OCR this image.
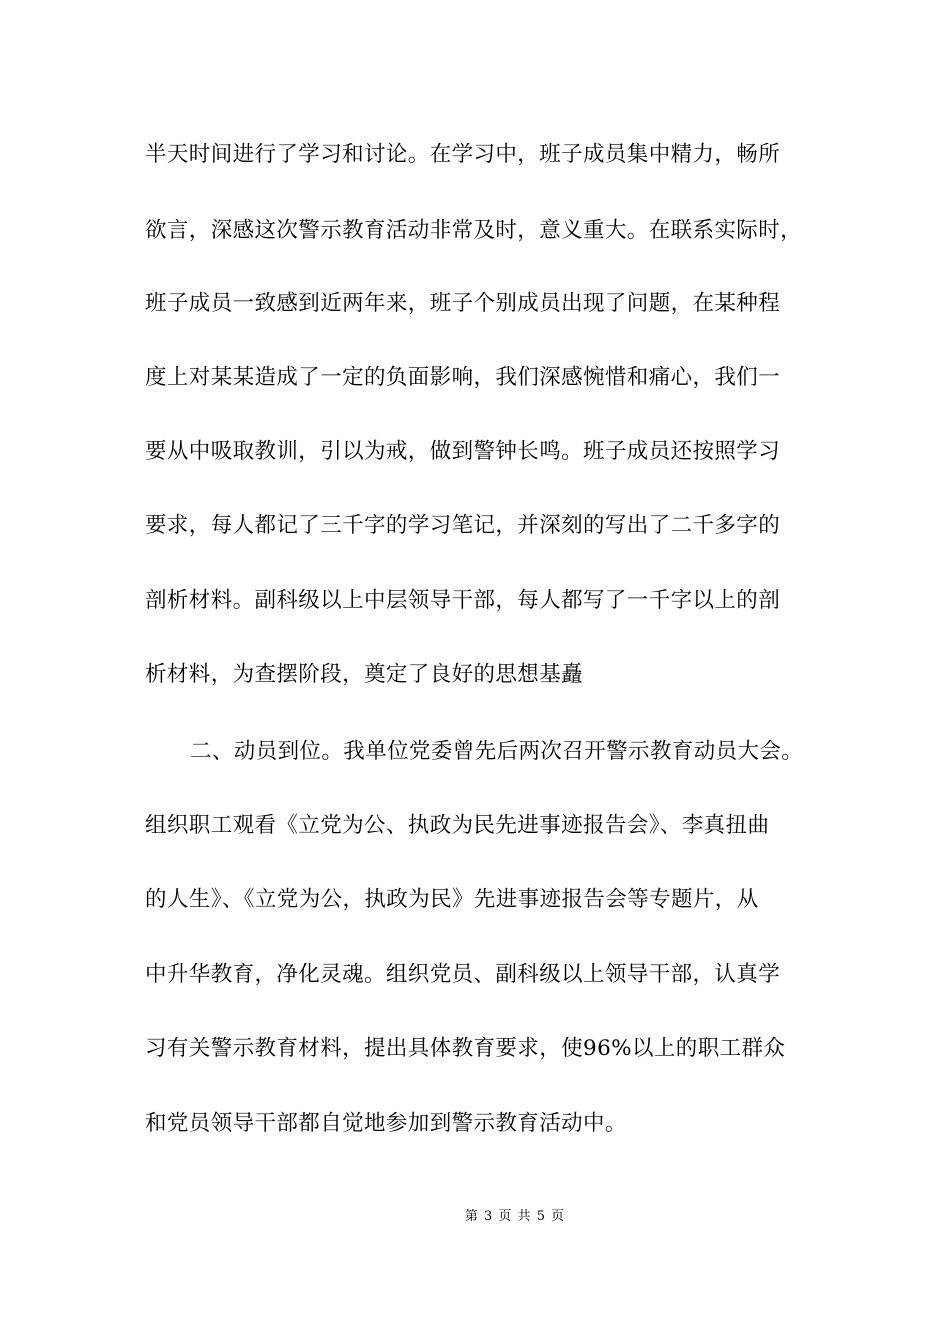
半天时间进行了学习和讨论。在学习中，班子成员集中精力，畅所
欲言，深感这次警示教育活动非常及时，意义重大。在联系实际时，
班子成员一致感到近两年来，班子个别成员出现了问题，在某种程
度上对某某造成了一定的负面影响，我们深感惋惜和痛心，我们一
要从中吸取教训，引以为戒，做到警钟长鸣。班子成员还按照学习
要求，每人都记了三千字的学习笔记，并深刻的写出了二千多字的
剖析材料。副科级以上中层领导干部，每人都写了一千字以上的剖
析材料，为查摆阶段，奠定了良好的思想基矗
二、动员到位。我单位党委曾先后两次召开警示教育动员大会。
组织职工观看《立党为公、执政为民先进事迹报告会》、李真扭曲
的人生》、《立党为公，执政为民》先进事迹报告会等专题片，从
中升华教育，净化灵魂。组织党员、副科级以上领导干部，认真学
习有关警示教育材料，提出具体教育要求，使96%以上的职工群众
和党员领导干部都自觉地参加到警示教育活动中。
第 3 页 共 5 页
